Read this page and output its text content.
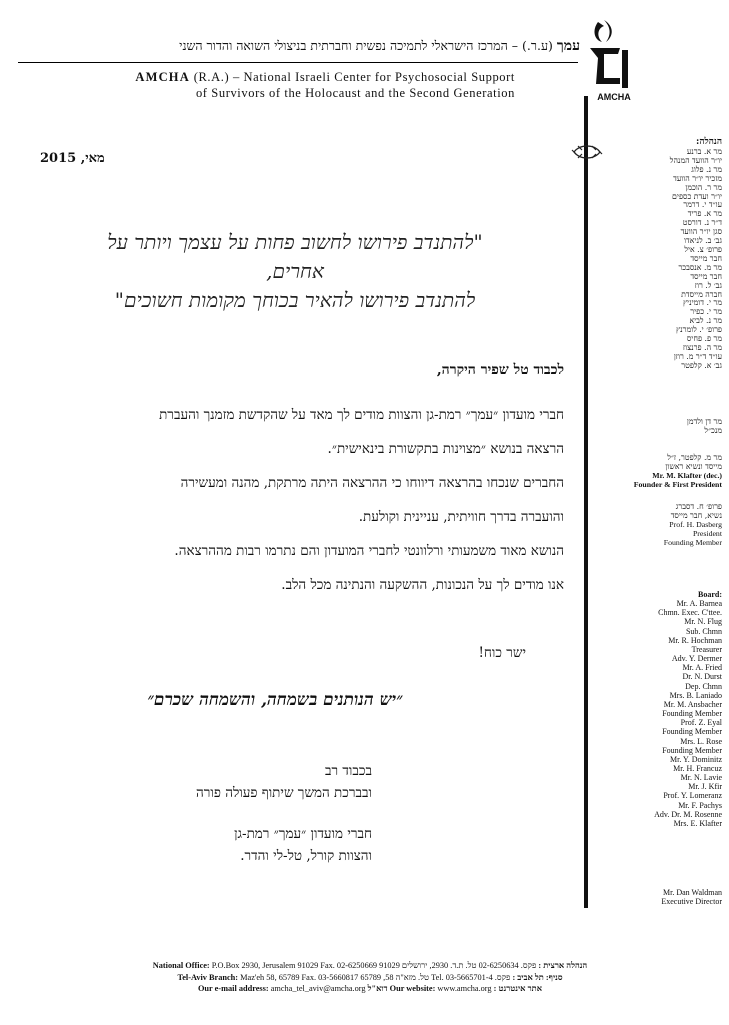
עמך (ע.ר.) – המרכז הישראלי לתמיכה נפשית וחברתית בניצולי השואה והדור השני
AMCHA (R.A.) – National Israeli Center for Psychosocial Support
of Survivors of the Holocaust and the Second Generation	AMCHA
הנהלה:
מר א. ברנע
יו״ר הוועד המנהל
מר נ. פלוג
מזכיר יו״ר הוועד
מר ר. הוכמן
יו״ר ועדת כספים
עו״ד י. דרמר
מר א. פריד
ד״ר נ. דורסט
סגן יו״ר הוועד
גב׳ ב. לניאדו
פרופ׳ צ. איל
חבר מייסד
מר מ. אנסבכר
חבר מייסד
גב׳ ל. רוז
חברה מייסדת
מר י. דומיניץ
מר י. כפיר
מר נ. לביא
פרופ׳ י. לומרנץ
מר פ. פחיס
מר ה. פרנצוז
עו״ד ד״ר מ. רוזן
גב׳ א. קלפטר
מר דן ולדמן
מנכ״ל
מר מ. קלפטר, ז״ל
מייסד ונשיא ראשון
Mr. M. Klafter (dec.)
Founder & First President
פרופ׳ ח. דסברג
נשיא, חבר מייסד
Prof. H. Dasberg
President
Founding Member
Board:
Mr. A. Barnea
Chmn. Exec. C'ttee.
Mr. N. Flug
Sub. Chmn
Mr. R. Hochman
Treasurer
Adv. Y. Dermer
Mr. A. Fried
Dr. N. Durst
Dep. Chmn
Mrs. B. Laniado
Mr. M. Ansbacher
Founding Member
Prof. Z. Eyal
Founding Member
Mrs. L. Rose
Founding Member
Mr. Y. Dominitz
Mr. H. Francuz
Mr. N. Lavie
Mr. J. Kfir
Prof. Y. Lomeranz
Mr. F. Pachys
Adv. Dr. M. Rosenne
Mrs. E. Klafter
Mr. Dan Waldman
Executive Director
מאי, 2015
"להתנדב פירושו לחשוב פחות על עצמך ויותר על
אחרים,
להתנדב פירושו להאיר בכוחך מקומות חשוכים"
לכבוד טל שפיר היקרה,
חברי מועדון ״עמך״ רמת-גן והצוות מודים לך מאד על שהקדשת מזמנך והעברת
הרצאה בנושא ״מצוינות בתקשורת בינאישית״.
החברים שנכחו בהרצאה דיווחו כי ההרצאה היתה מרתקת, מהנה ומעשירה
והועברה בדרך חוויתית, עניינית וקולעת.
הנושא מאוד משמעותי ורלוונטי לחברי המועדון והם נתרמו רבות מההרצאה.
אנו מודים לך על הנכונות, ההשקעה והנתינה מכל הלב.
ישר כוח!
״יש הנותנים בשמחה, והשמחה שכרם״
בכבוד רב
ובברכת המשך שיתוף פעולה פורה
חברי מועדון ״עמך״ רמת-גן
והצוות קורל, טל-לי והדר.
National Office: P.O.Box 2930, Jerusalem 91029 Fax. 02-6250669 פקס. 02-6250634 טל. ת.ד. 2930, ירושלים 91029 הנהלה ארצית :
Tel-Aviv Branch: Maz'eh 58, 65789 Fax. 03-5660817 פקס. Tel. 03-5665701-4 טל. מזא"ה 58, 65789 סניף: תל אביב :
Our e-mail address: amcha_tel_aviv@amcha.org דוא"ל Our website: www.amcha.org אתר אינטרנט :
